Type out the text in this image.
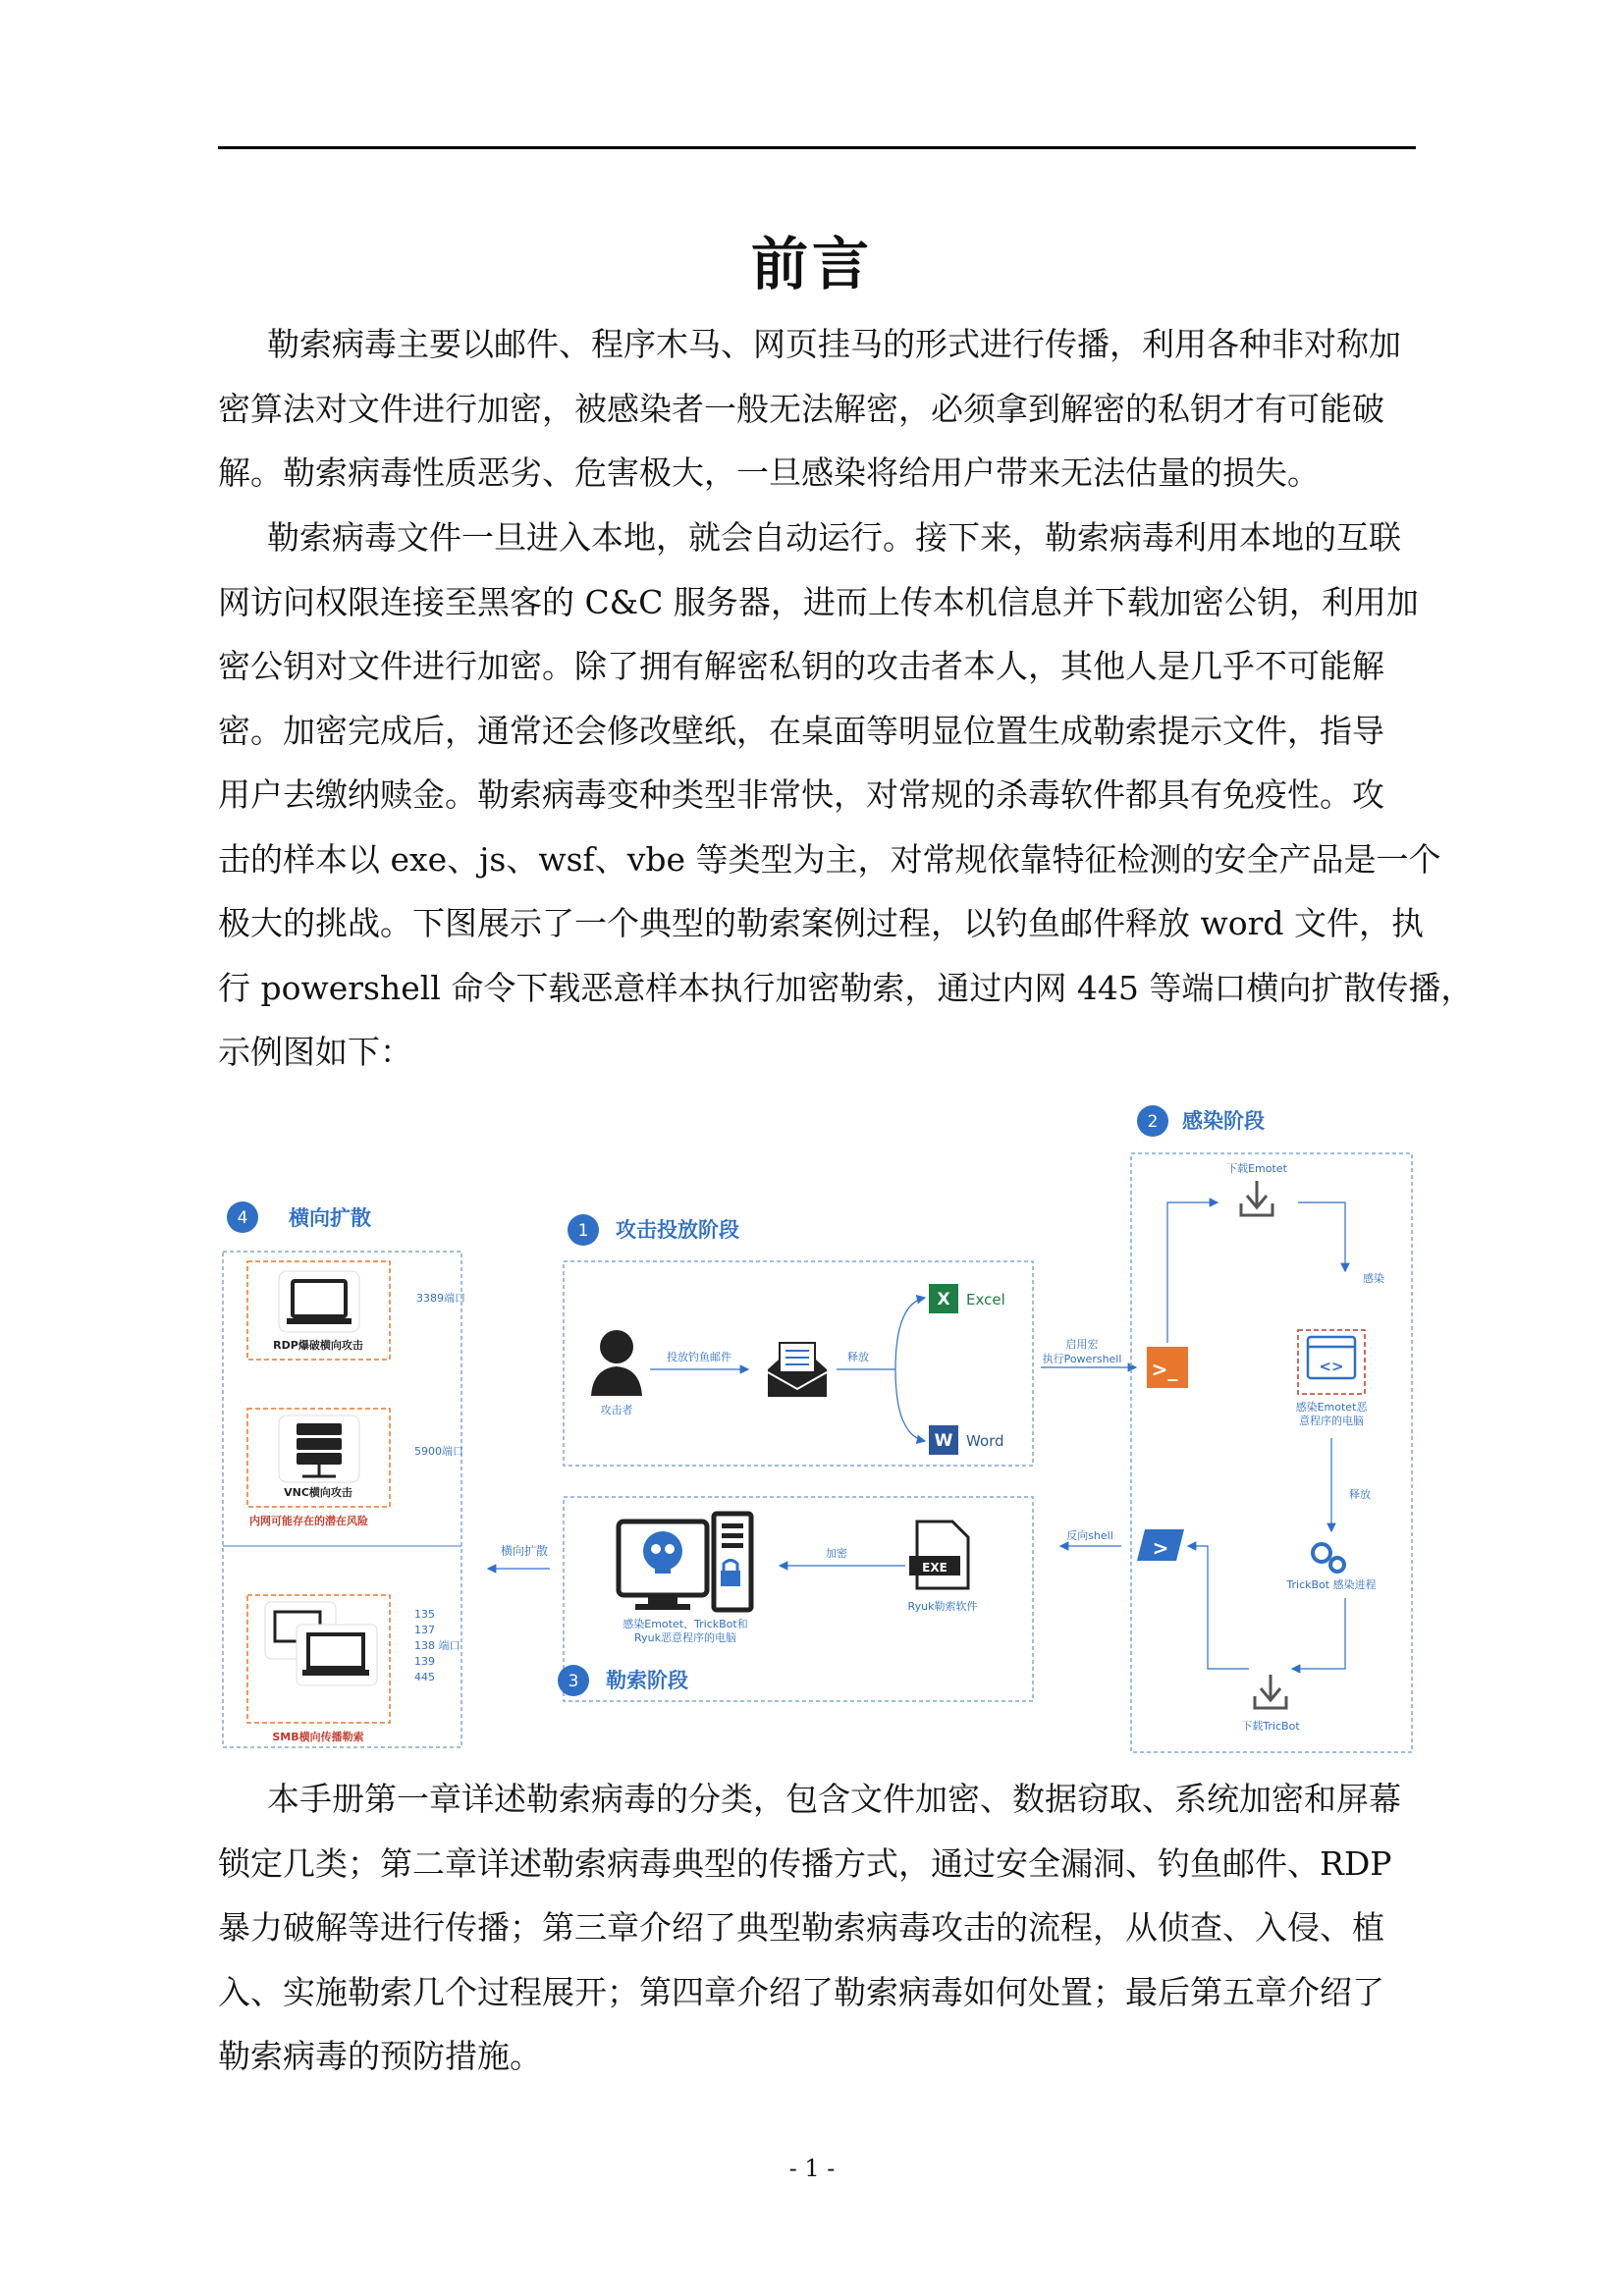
前言
勒索病毒主要以邮件、程序木马、网页挂马的形式进行传播，利用各种非对称加
密算法对文件进行加密，被感染者一般无法解密，必须拿到解密的私钥才有可能破
解。勒索病毒性质恶劣、危害极大，一旦感染将给用户带来无法估量的损失。
勒索病毒文件一旦进入本地，就会自动运行。接下来，勒索病毒利用本地的互联
网访问权限连接至黑客的 C&C 服务器，进而上传本机信息并下载加密公钥，利用加
密公钥对文件进行加密。除了拥有解密私钥的攻击者本人，其他人是几乎不可能解
密。加密完成后，通常还会修改壁纸，在桌面等明显位置生成勒索提示文件，指导
用户去缴纳赎金。勒索病毒变种类型非常快，对常规的杀毒软件都具有免疫性。攻
击的样本以 exe、js、wsf、vbe 等类型为主，对常规依靠特征检测的安全产品是一个
极大的挑战。下图展示了一个典型的勒索案例过程，以钓鱼邮件释放 word 文件，执
行 powershell 命令下载恶意样本执行加密勒索，通过内网 445 等端口横向扩散传播，
示例图如下：
4 横向扩散
RDP爆破横向攻击
3389端口
VNC横向攻击
5900端口
内网可能存在的潜在风险
SMB横向传播勒索
135
137
138 端口
139
445
横向扩散
1 攻击投放阶段
攻击者
投放钓鱼邮件	释放
X Excel
W Word
启用宏
执行Powershell
2 感染阶段
>_
下载Emotet
感染
<>
感染Emotet恶
意程序的电脑
释放
TrickBot 感染进程
下载TricBot
>
反向shell
3 勒索阶段
EXE
Ryuk勒索软件
加密
感染Emotet、TrickBot和
Ryuk恶意程序的电脑
本手册第一章详述勒索病毒的分类，包含文件加密、数据窃取、系统加密和屏幕
锁定几类；第二章详述勒索病毒典型的传播方式，通过安全漏洞、钓鱼邮件、RDP
暴力破解等进行传播；第三章介绍了典型勒索病毒攻击的流程，从侦查、入侵、植
入、实施勒索几个过程展开；第四章介绍了勒索病毒如何处置；最后第五章介绍了
勒索病毒的预防措施。
- 1 -
